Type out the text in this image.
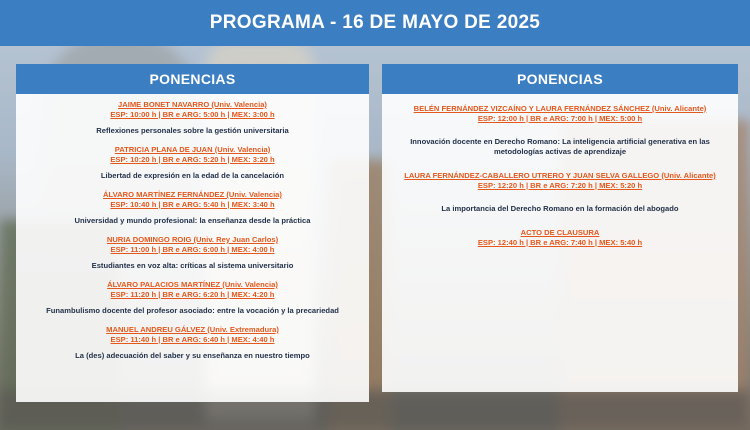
PROGRAMA - 16 DE MAYO DE 2025
PONENCIAS
JAIME BONET NAVARRO (Univ. Valencia)
ESP: 10:00 h | BR e ARG: 5:00 h | MEX: 3:00 h
Reflexiones personales sobre la gestión universitaria
PATRICIA PLANA DE JUAN (Univ. Valencia)
ESP: 10:20 h | BR e ARG: 5:20 h | MEX: 3:20 h
Libertad de expresión en la edad de la cancelación
ÁLVARO MARTÍNEZ FERNÁNDEZ (Univ. Valencia)
ESP: 10:40 h | BR e ARG: 5:40 h | MEX: 3:40 h
Universidad y mundo profesional: la enseñanza desde la práctica
NURIA DOMINGO ROIG (Univ. Rey Juan Carlos)
ESP: 11:00 h | BR e ARG: 6:00 h | MEX: 4:00 h
Estudiantes en voz alta: críticas al sistema universitario
ÁLVARO PALACIOS MARTÍNEZ (Univ. Valencia)
ESP: 11:20 h | BR e ARG: 6:20 h | MEX: 4:20 h
Funambulismo docente del profesor asociado: entre la vocación y la precariedad
MANUEL ANDREU GÁLVEZ (Univ. Extremadura)
ESP: 11:40 h | BR e ARG: 6:40 h | MEX: 4:40 h
La (des) adecuación del saber y su enseñanza en nuestro tiempo
PONENCIAS
BELÉN FERNÁNDEZ VIZCAÍNO Y LAURA FERNÁNDEZ SÁNCHEZ (Univ. Alicante)
ESP: 12:00 h | BR e ARG: 7:00 h | MEX: 5:00 h
Innovación docente en Derecho Romano: La inteligencia artificial generativa en las
metodologías activas de aprendizaje
LAURA FERNÁNDEZ-CABALLERO UTRERO Y JUAN SELVA GALLEGO (Univ. Alicante)
ESP: 12:20 h | BR e ARG: 7:20 h | MEX: 5:20 h
La importancia del Derecho Romano en la formación del abogado
ACTO DE CLAUSURA
ESP: 12:40 h | BR e ARG: 7:40 h | MEX: 5:40 h
